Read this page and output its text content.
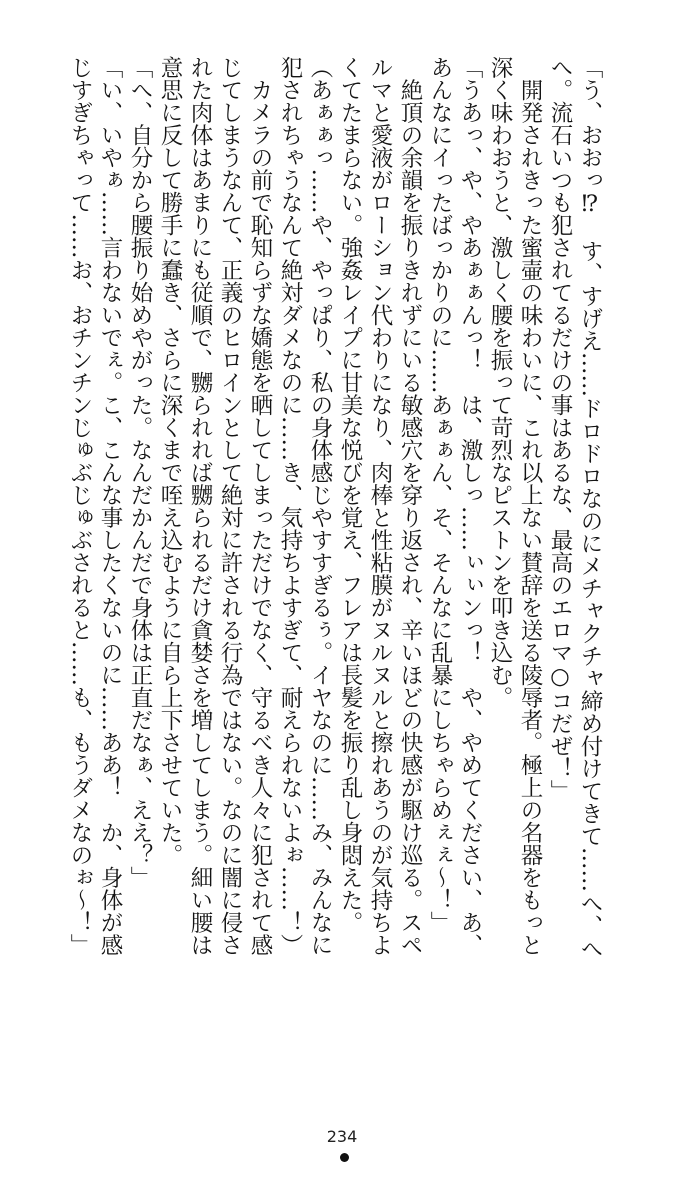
「う、おおっ⁉　す、すげえ……ドロドロなのにメチャクチャ締め付けてきて……へ、へ
へ。流石いつも犯されてるだけの事はあるな、最高のエロマ○コだぜ！」
　開発されきった蜜壷の味わいに、これ以上ない賛辞を送る陵辱者。極上の名器をもっと
深く味わおうと、激しく腰を振って苛烈なピストンを叩き込む。
「うあっ、や、やあぁぁんっ！　は、激しっ……ぃぃンっ！　や、やめてください、あ、
あんなにイったばっかりのに……あぁぁん、そ、そんなに乱暴にしちゃらめぇぇ～！」
　絶頂の余韻を振りきれずにいる敏感穴を穿り返され、辛いほどの快感が駆け巡る。スペ
ルマと愛液がローション代わりになり、肉棒と性粘膜がヌルヌルと擦れあうのが気持ちよ
くてたまらない。強姦レイプに甘美な悦びを覚え、フレアは長髪を振り乱し身悶えた。
（あぁぁっ……や、やっぱり、私の身体感じやすすぎるぅ。イヤなのに……み、みんなに
犯されちゃうなんて絶対ダメなのに……き、気持ちよすぎて、耐えられないよぉ……！）
　カメラの前で恥知らずな嬌態を晒してしまっただけでなく、守るべき人々に犯されて感
じてしまうなんて、正義のヒロインとして絶対に許される行為ではない。なのに闇に侵さ
れた肉体はあまりにも従順で、嬲られれば嬲られるだけ貪婪さを増してしまう。細い腰は
意思に反して勝手に蠢き、さらに深くまで咥え込むように自ら上下させていた。
「へ、自分から腰振り始めやがった。なんだかんだで身体は正直だなぁ、ええ？」
「い、いやぁ……言わないでぇ。こ、こんな事したくないのに……ああ！　か、身体が感
じすぎちゃって……お、おチンチンじゅぶじゅぶされると……も、もうダメなのぉ～！」
234
